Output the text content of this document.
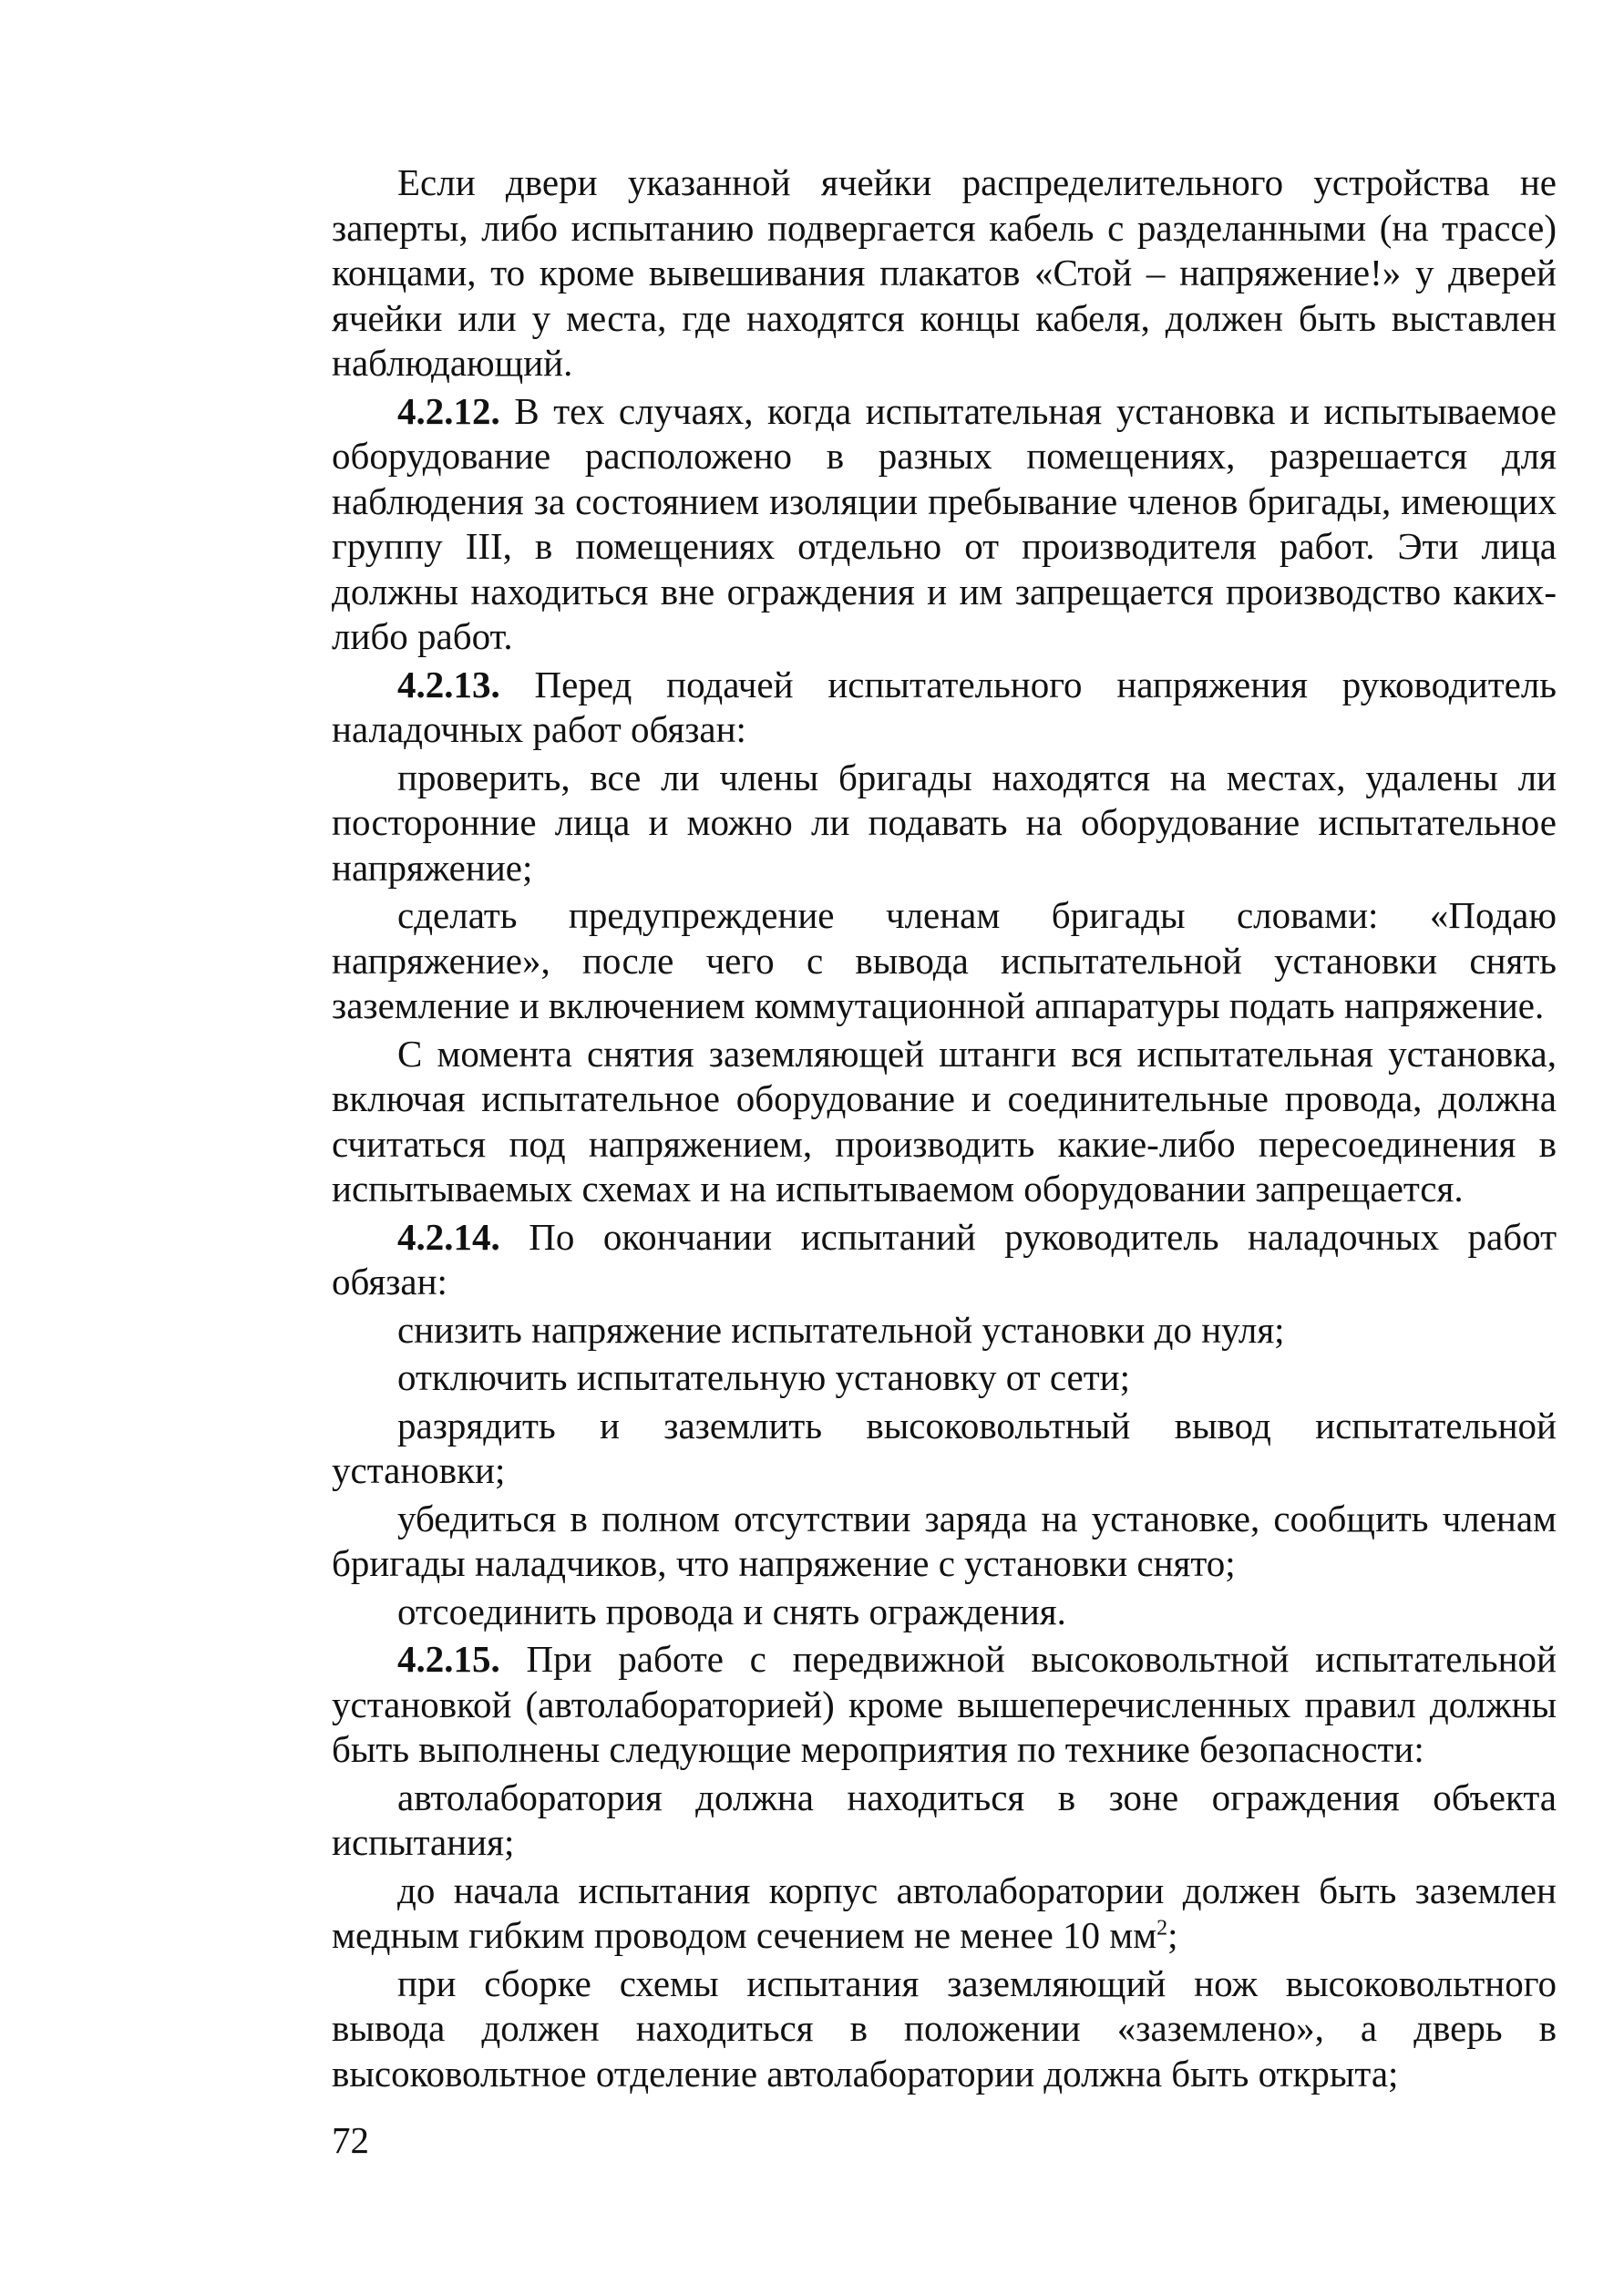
Если двери указанной ячейки распределительного устройства не заперты, либо испытанию подвергается кабель с разделанными (на трассе) концами, то кроме вывешивания плакатов «Стой – напряжение!» у дверей ячейки или у места, где находятся концы кабеля, должен быть выставлен наблюдающий.

4.2.12. В тех случаях, когда испытательная установка и испытываемое оборудование расположено в разных помещениях, разрешается для наблюдения за состоянием изоляции пребывание членов бригады, имеющих группу III, в помещениях отдельно от производителя работ. Эти лица должны находиться вне ограждения и им запрещается производство каких-либо работ.

4.2.13. Перед подачей испытательного напряжения руководитель наладочных работ обязан:

проверить, все ли члены бригады находятся на местах, удалены ли посторонние лица и можно ли подавать на оборудование испытательное напряжение;

сделать предупреждение членам бригады словами: «Подаю напряжение», после чего с вывода испытательной установки снять заземление и включением коммутационной аппаратуры подать напряжение.

С момента снятия заземляющей штанги вся испытательная установка, включая испытательное оборудование и соединительные провода, должна считаться под напряжением, производить какие-либо пересоединения в испытываемых схемах и на испытываемом оборудовании запрещается.

4.2.14. По окончании испытаний руководитель наладочных работ обязан:

снизить напряжение испытательной установки до нуля;

отключить испытательную установку от сети;

разрядить и заземлить высоковольтный вывод испытательной установки;

убедиться в полном отсутствии заряда на установке, сообщить членам бригады наладчиков, что напряжение с установки снято;

отсоединить провода и снять ограждения.

4.2.15. При работе с передвижной высоковольтной испытательной установкой (автолабораторией) кроме вышеперечисленных правил должны быть выполнены следующие мероприятия по технике безопасности:

автолаборатория должна находиться в зоне ограждения объекта испытания;

до начала испытания корпус автолаборатории должен быть заземлен медным гибким проводом сечением не менее 10 $мм^2$;

при сборке схемы испытания заземляющий нож высоковольтного вывода должен находиться в положении «заземлено», а дверь в высоковольтное отделение автолаборатории должна быть открыта;

72
